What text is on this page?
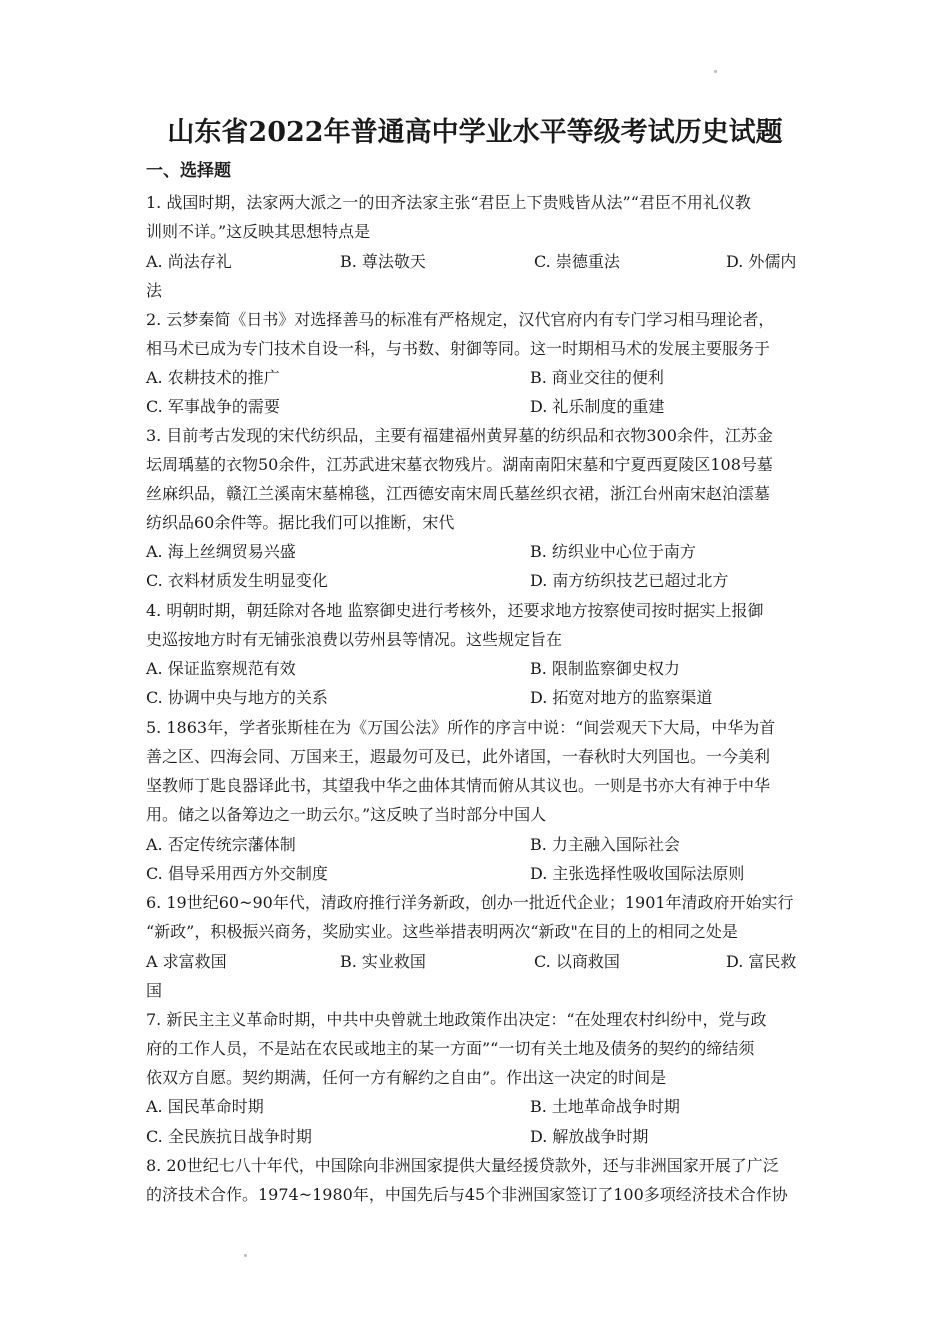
山东省2022年普通高中学业水平等级考试历史试题
一、选择题
1. 战国时期，法家两大派之一的田齐法家主张“君臣上下贵贱皆从法”“君臣不用礼仪教
训则不详。”这反映其思想特点是
A. 尚法存礼	B. 尊法敬天	C. 崇德重法	D. 外儒内
法
2. 云梦秦简《日书》对选择善马的标准有严格规定，汉代官府内有专门学习相马理论者，
相马术已成为专门技术自设一科，与书数、射御等同。这一时期相马术的发展主要服务于
A. 农耕技术的推广	B. 商业交往的便利
C. 军事战争的需要	D. 礼乐制度的重建
3. 目前考古发现的宋代纺织品，主要有福建福州黄昇墓的纺织品和衣物300余件，江苏金
坛周瑀墓的衣物50余件，江苏武进宋墓衣物残片。湖南南阳宋墓和宁夏西夏陵区108号墓
丝麻织品，赣江兰溪南宋墓棉毯，江西德安南宋周氏墓丝织衣裙，浙江台州南宋赵泊澐墓
纺织品60余件等。据比我们可以推断，宋代
A. 海上丝绸贸易兴盛	B. 纺织业中心位于南方
C. 衣料材质发生明显变化	D. 南方纺织技艺已超过北方
4. 明朝时期，朝廷除对各地 监察御史进行考核外，还要求地方按察使司按时据实上报御
史巡按地方时有无铺张浪费以劳州县等情况。这些规定旨在
A. 保证监察规范有效	B. 限制监察御史权力
C. 协调中央与地方的关系	D. 拓宽对地方的监察渠道
5. 1863年，学者张斯桂在为《万国公法》所作的序言中说：“间尝观天下大局，中华为首
善之区、四海会同、万国来王，遐最勿可及已，此外诸国，一春秋时大列国也。一今美利
坚教师丁匙良器译此书，其望我中华之曲体其情而俯从其议也。一则是书亦大有神于中华
用。储之以备筹边之一助云尔。”这反映了当时部分中国人
A. 否定传统宗藩体制	B. 力主融入国际社会
C. 倡导采用西方外交制度	D. 主张选择性吸收国际法原则
6. 19世纪60~90年代，清政府推行洋务新政，创办一批近代企业；1901年清政府开始实行
“新政”，积极振兴商务，奖励实业。这些举措表明两次“新政"在目的上的相同之处是
A 求富救国	B. 实业救国	C. 以商救国	D. 富民救
国
7. 新民主主义革命时期，中共中央曾就土地政策作出决定：“在处理农村纠纷中，党与政
府的工作人员，不是站在农民或地主的某一方面”“一切有关土地及债务的契约的缔结须
依双方自愿。契约期满，任何一方有解约之自由”。作出这一决定的时间是
A. 国民革命时期	B. 土地革命战争时期
C. 全民族抗日战争时期	D. 解放战争时期
8. 20世纪七八十年代，中国除向非洲国家提供大量经援贷款外，还与非洲国家开展了广泛
的济技术合作。1974~1980年，中国先后与45个非洲国家签订了100多项经济技术合作协
